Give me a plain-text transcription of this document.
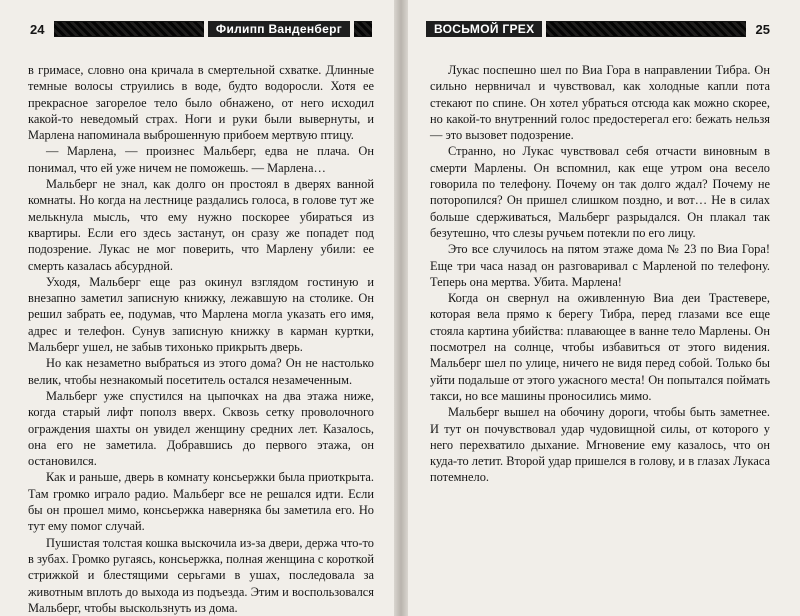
24	Филипп Ванденберг

в гримасе, словно она кричала в смертельной схватке. Длинные темные волосы струились в воде, будто водоросли. Хотя ее прекрасное загорелое тело было обнажено, от него исходил какой-то неведомый страх. Ноги и руки были вывернуты, и Марлена напоминала выброшенную прибоем мертвую птицу.

— Марлена, — произнес Мальберг, едва не плача. Он понимал, что ей уже ничем не поможешь. — Марлена…

Мальберг не знал, как долго он простоял в дверях ванной комнаты. Но когда на лестнице раздались голоса, в голове тут же мелькнула мысль, что ему нужно поскорее убираться из квартиры. Если его здесь застанут, он сразу же попадет под подозрение. Лукас не мог поверить, что Марлену убили: ее смерть казалась абсурдной.

Уходя, Мальберг еще раз окинул взглядом гостиную и внезапно заметил записную книжку, лежавшую на столике. Он решил забрать ее, подумав, что Марлена могла указать его имя, адрес и телефон. Сунув записную книжку в карман куртки, Мальберг ушел, не забыв тихонько прикрыть дверь.

Но как незаметно выбраться из этого дома? Он не настолько велик, чтобы незнакомый посетитель остался незамеченным.

Мальберг уже спустился на цыпочках на два этажа ниже, когда старый лифт пополз вверх. Сквозь сетку проволочного ограждения шахты он увидел женщину средних лет. Казалось, она его не заметила. Добравшись до первого этажа, он остановился.

Как и раньше, дверь в комнату консьержки была приоткрыта. Там громко играло радио. Мальберг все не решался идти. Если бы он прошел мимо, консьержка наверняка бы заметила его. Но тут ему помог случай.

Пушистая толстая кошка выскочила из-за двери, держа что-то в зубах. Громко ругаясь, консьержка, полная женщина с короткой стрижкой и блестящими серьгами в ушах, последовала за животным вплоть до выхода из подъезда. Этим и воспользовался Мальберг, чтобы выскользнуть из дома.

ВОСЬМОЙ ГРЕХ	25

Лукас поспешно шел по Виа Гора в направлении Тибра. Он сильно нервничал и чувствовал, как холодные капли пота стекают по спине. Он хотел убраться отсюда как можно скорее, но какой-то внутренний голос предостерегал его: бежать нельзя — это вызовет подозрение.

Странно, но Лукас чувствовал себя отчасти виновным в смерти Марлены. Он вспомнил, как еще утром она весело говорила по телефону. Почему он так долго ждал? Почему не поторопился? Он пришел слишком поздно, и вот… Не в силах больше сдерживаться, Мальберг разрыдался. Он плакал так безутешно, что слезы ручьем потекли по его лицу.

Это все случилось на пятом этаже дома № 23 по Виа Гора! Еще три часа назад он разговаривал с Марленой по телефону. Теперь она мертва. Убита. Марлена!

Когда он свернул на оживленную Виа деи Трастевере, которая вела прямо к берегу Тибра, перед глазами все еще стояла картина убийства: плавающее в ванне тело Марлены. Он посмотрел на солнце, чтобы избавиться от этого видения. Мальберг шел по улице, ничего не видя перед собой. Только бы уйти подальше от этого ужасного места! Он попытался поймать такси, но все машины проносились мимо.

Мальберг вышел на обочину дороги, чтобы быть заметнее. И тут он почувствовал удар чудовищной силы, от которого у него перехватило дыхание. Мгновение ему казалось, что он куда-то летит. Второй удар пришелся в голову, и в глазах Лукаса потемнело.
